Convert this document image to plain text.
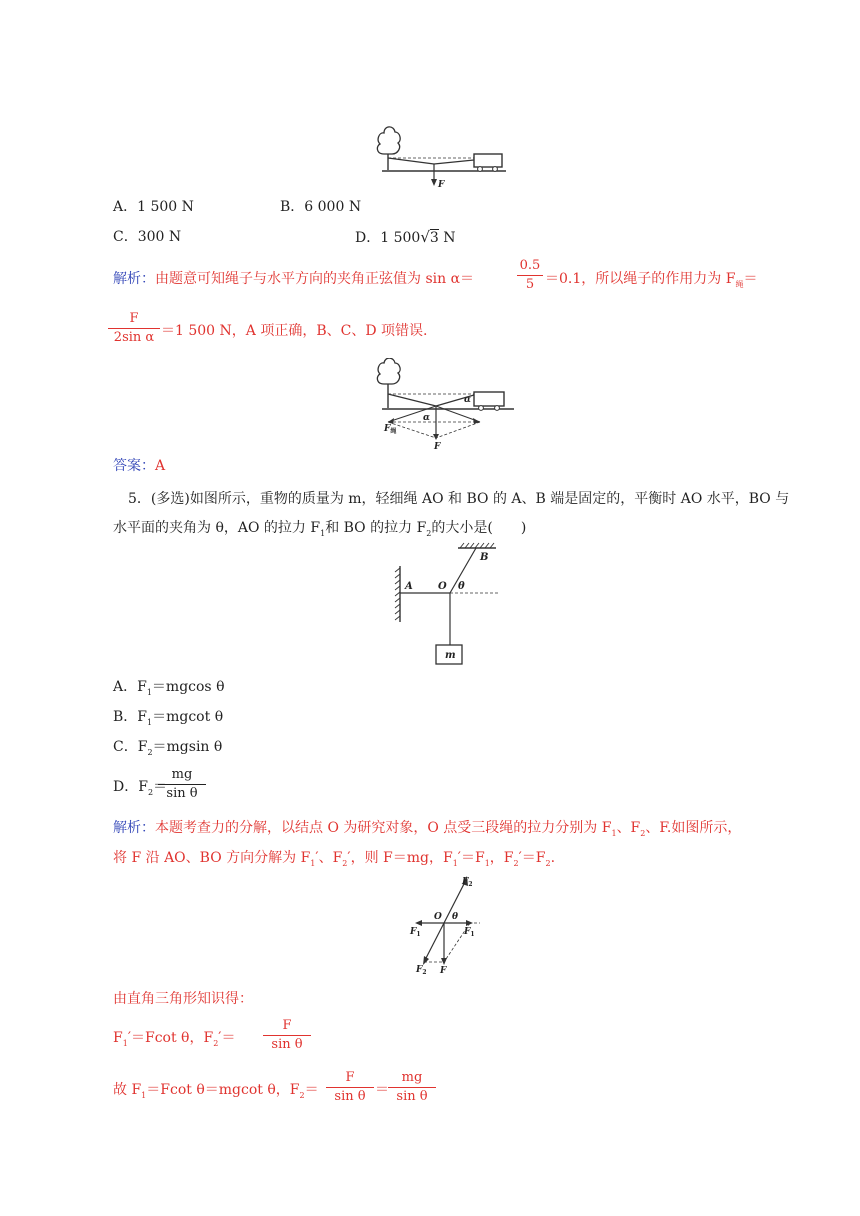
F
A．1 500 N	B．6 000 N
C．300 N	D．1 500√3 N
解析：由题意可知绳子与水平方向的夹角正弦值为 sin α＝
0.5
5 ＝0.1，所以绳子的作用力为 $F_绳=$
F
2sin α ＝1 500 N，A 项正确，B、C、D 项错误.
α
α
F
$F_绳$
答案：A
5．(多选)如图所示，重物的质量为 m，轻细绳 AO 和 BO 的 A、B 端是固定的，平衡时 AO 水平，BO 与
水平面的夹角为 θ，AO 的拉力 $F_1$和 BO 的拉力 $F_2$的大小是(　　)
A	O
B
θ
m
A．$F_1=mgcos$ θ
B．$F_1=mgcot$ θ
C．$F_2=mgsin$ θ
D．$F_2=$
mg
sin θ
解析：本题考查力的分解，以结点 O 为研究对象，O 点受三段绳的拉力分别为 $F_1$、$F_2$、F.如图所示，
将 F 沿 AO、BO 方向分解为 $F_1'$、$F_2'$，则 F＝mg，$F_1'=F_1$，$F_2'=F_2$.
$F_2$
O θ
$F_1$	$F_1$
$F_2$ F
由直角三角形知识得：
$F_1'=Fcot$ θ，$F_2'=$
F
sin θ
故 $F_1=Fcot$ θ＝mgcot θ，$F_2=$
F
sin θ ＝
mg
sin θ
